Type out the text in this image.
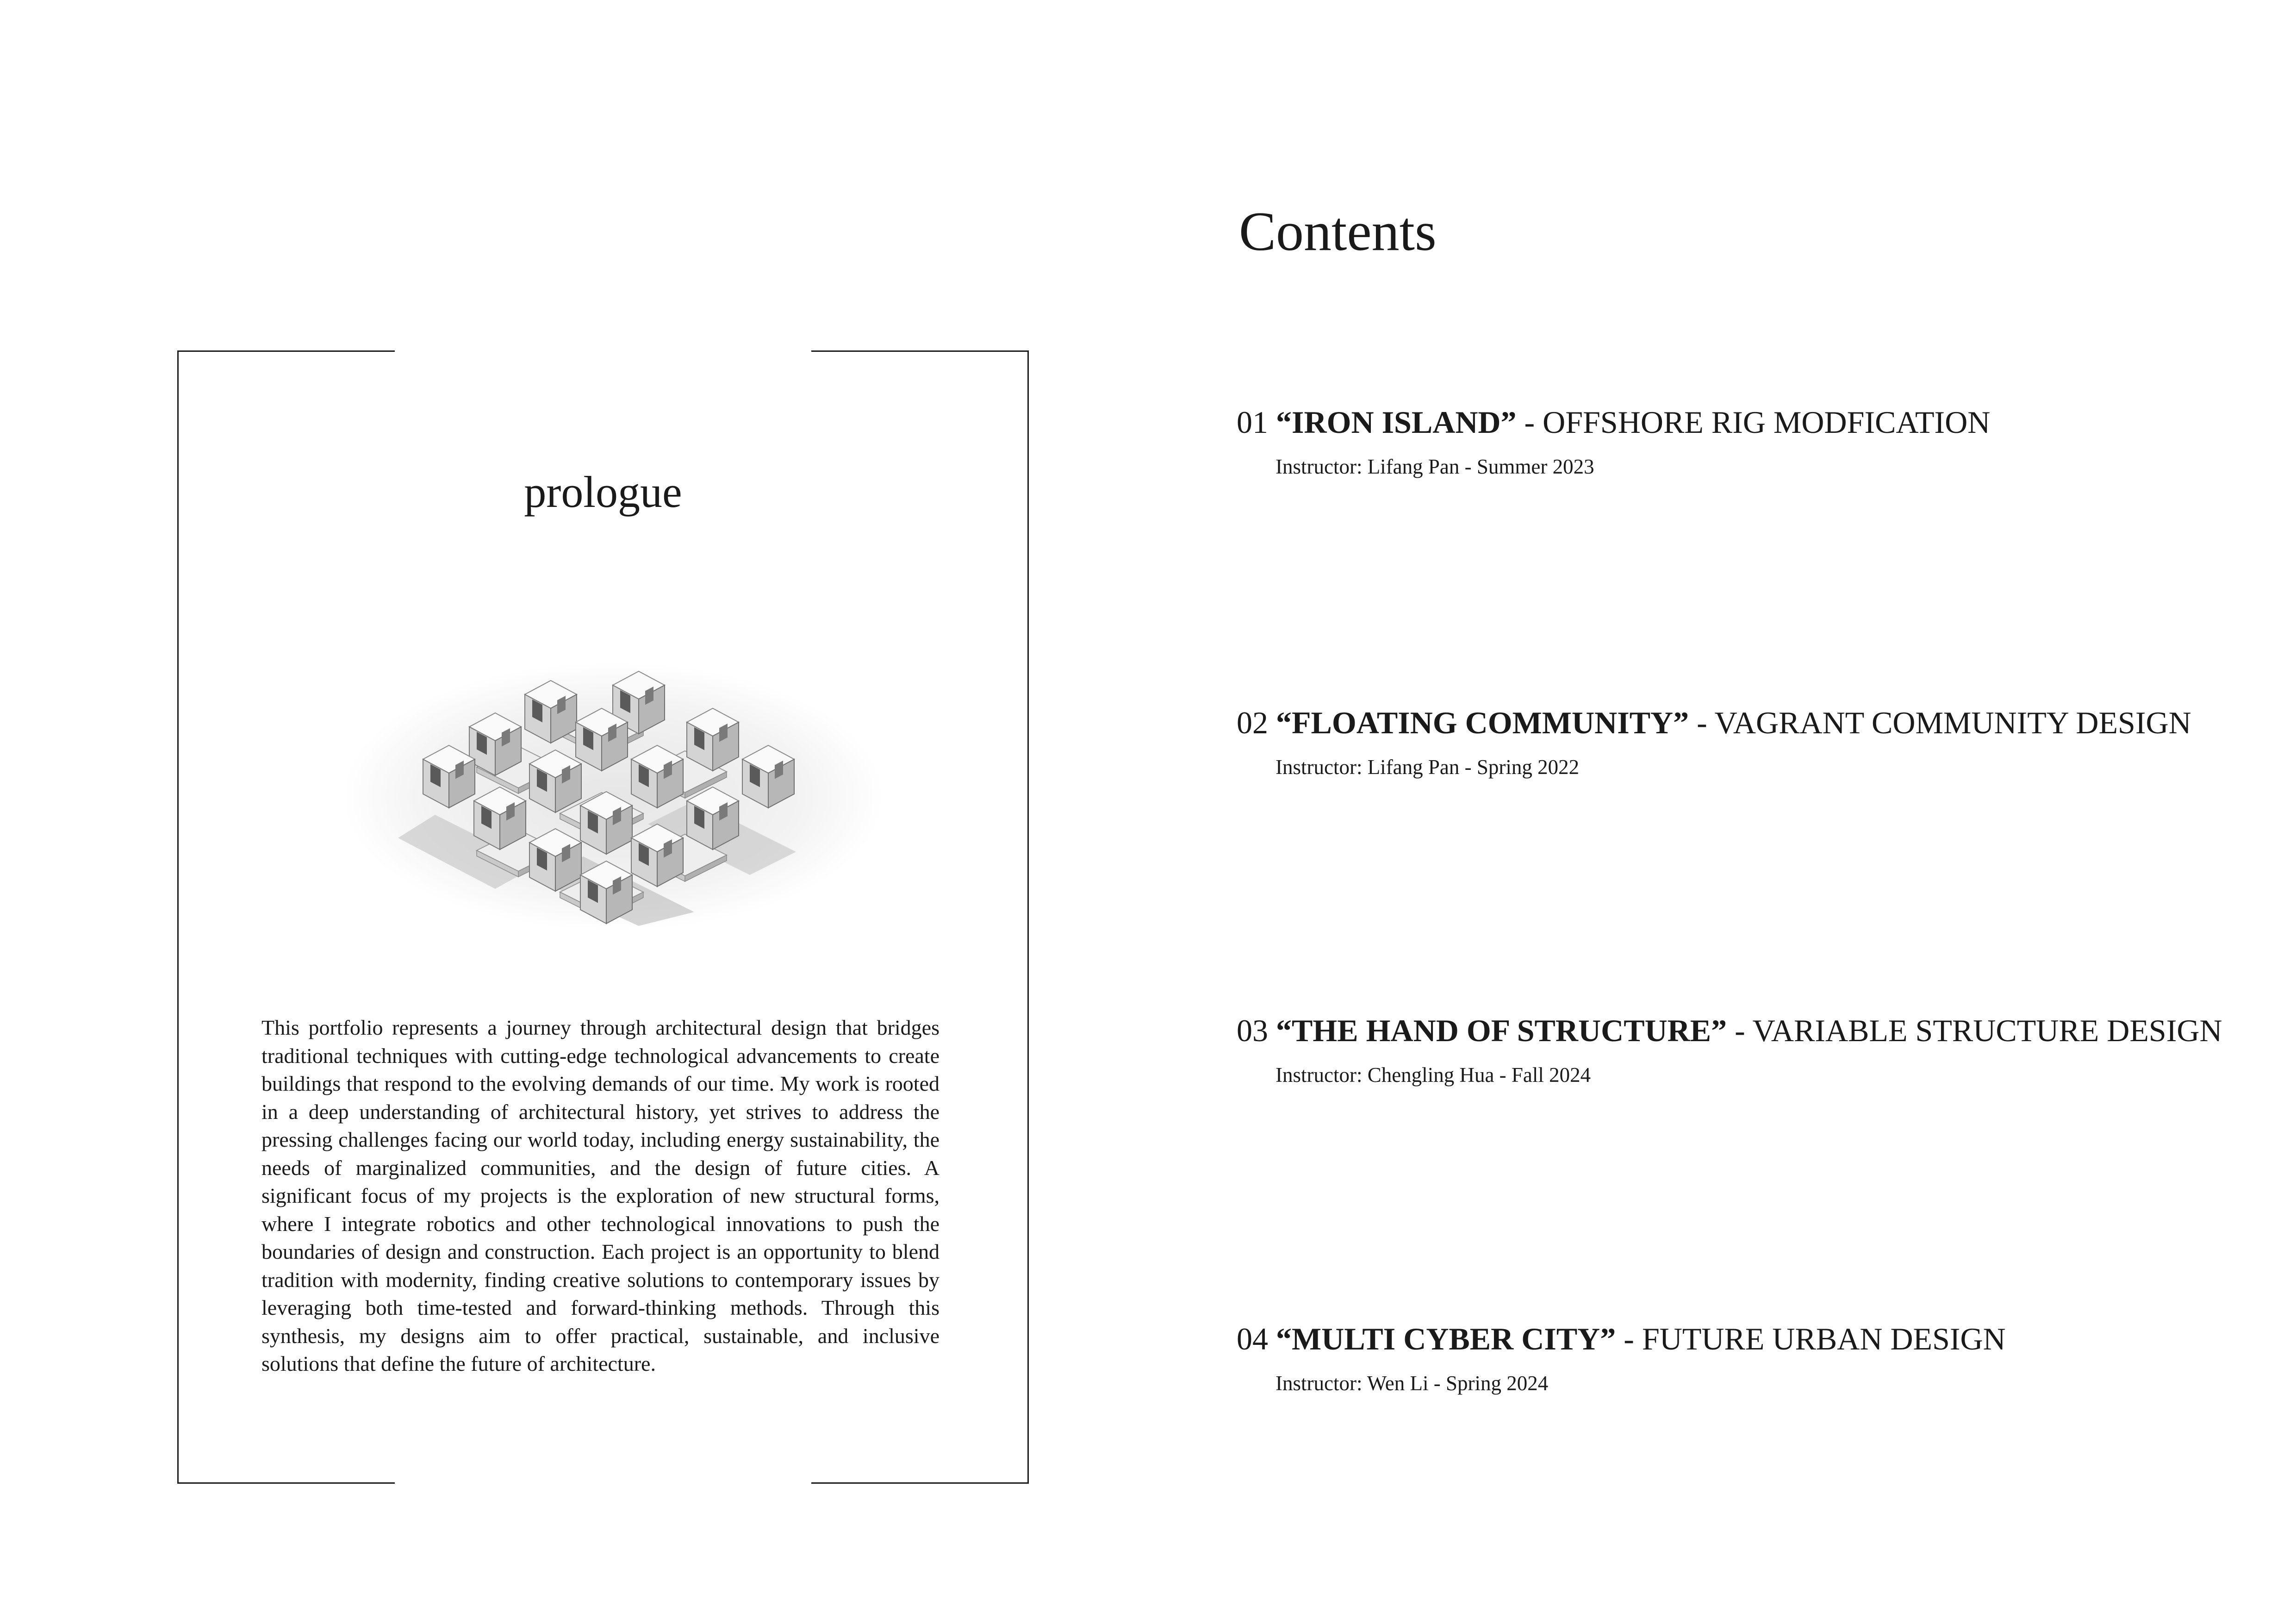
prologue

This portfolio represents a journey through architectural design that bridges traditional techniques with cutting-edge technological advancements to create buildings that respond to the evolving demands of our time. My work is rooted in a deep understanding of architectural history, yet strives to address the pressing challenges facing our world today, including energy sustainability, the needs of marginalized communities, and the design of future cities. A significant focus of my projects is the exploration of new structural forms, where I integrate robotics and other technological innovations to push the boundaries of design and construction. Each project is an opportunity to blend tradition with modernity, finding creative solutions to contemporary issues by leveraging both time-tested and forward-thinking methods. Through this synthesis, my designs aim to offer practical, sustainable, and inclusive solutions that define the future of architecture.

Contents
01 “IRON ISLAND” - OFFSHORE RIG MODFICATION
Instructor: Lifang Pan - Summer 2023
02 “FLOATING COMMUNITY” - VAGRANT COMMUNITY DESIGN
Instructor: Lifang Pan - Spring 2022
03 “THE HAND OF STRUCTURE” - VARIABLE STRUCTURE DESIGN
Instructor: Chengling Hua - Fall 2024
04 “MULTI CYBER CITY” - FUTURE URBAN DESIGN
Instructor: Wen Li - Spring 2024
